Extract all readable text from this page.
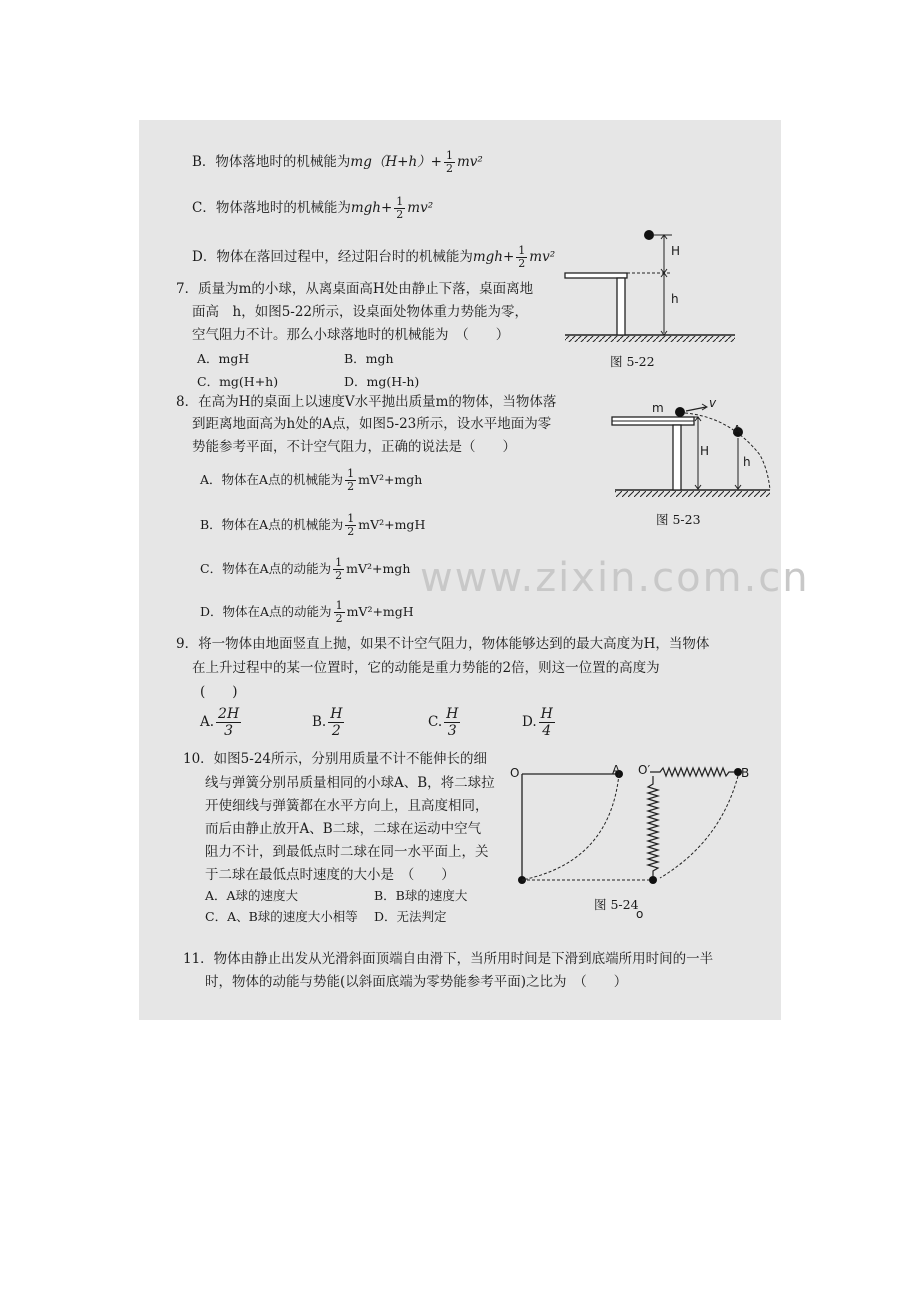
www.zixin.com.cn
B．物体落地时的机械能为$mg(H+h)+ \frac{1}{2} mv^2$
C．物体落地时的机械能为$mgh+ \frac{1}{2} mv^2$
D．物体在落回过程中，经过阳台时的机械能为$mgh+ \frac{1}{2} mv^2$
7．质量为m的小球，从离桌面高H处由静止下落，桌面离地
面高　h，如图5-22所示，设桌面处物体重力势能为零，
空气阻力不计。那么小球落地时的机械能为　（　　）
A．mgH	B．mgh
C．mg(H+h)	D．mg(H-h)
H
h
图 5-22
8．在高为H的桌面上以速度V水平抛出质量m的物体，当物体落
到距离地面高为h处的A点，如图5-23所示，设水平地面为零
势能参考平面，不计空气阻力，正确的说法是（　　）
A．物体在A点的机械能为 $\frac{1}{2} mV^2+mgh$
B．物体在A点的机械能为 $\frac{1}{2} mV^2+mgH$
C．物体在A点的动能为 $\frac{1}{2} mV^2+mgh$
D．物体在A点的动能为 $\frac{1}{2} mV^2+mgH$
m	v
A
H
h
图 5-23
9．将一物体由地面竖直上抛，如果不计空气阻力，物体能够达到的最大高度为H，当物体
在上升过程中的某一位置时，它的动能是重力势能的2倍，则这一位置的高度为
(　　)
A. $\frac{2H}{3}$	B. $\frac{H}{2}$	C. $\frac{H}{3}$	D. $\frac{H}{4}$
10．如图5-24所示，分别用质量不计不能伸长的细
线与弹簧分别吊质量相同的小球A、B，将二球拉
开使细线与弹簧都在水平方向上，且高度相同，
而后由静止放开A、B二球，二球在运动中空气
阻力不计，到最低点时二球在同一水平面上，关
于二球在最低点时速度的大小是　（　　）
A．A球的速度大	B．B球的速度大
C．A、B球的速度大小相等 D．无法判定
O	A O′	B
图 5-24
o
11．物体由静止出发从光滑斜面顶端自由滑下，当所用时间是下滑到底端所用时间的一半
时，物体的动能与势能(以斜面底端为零势能参考平面)之比为　（　　）
